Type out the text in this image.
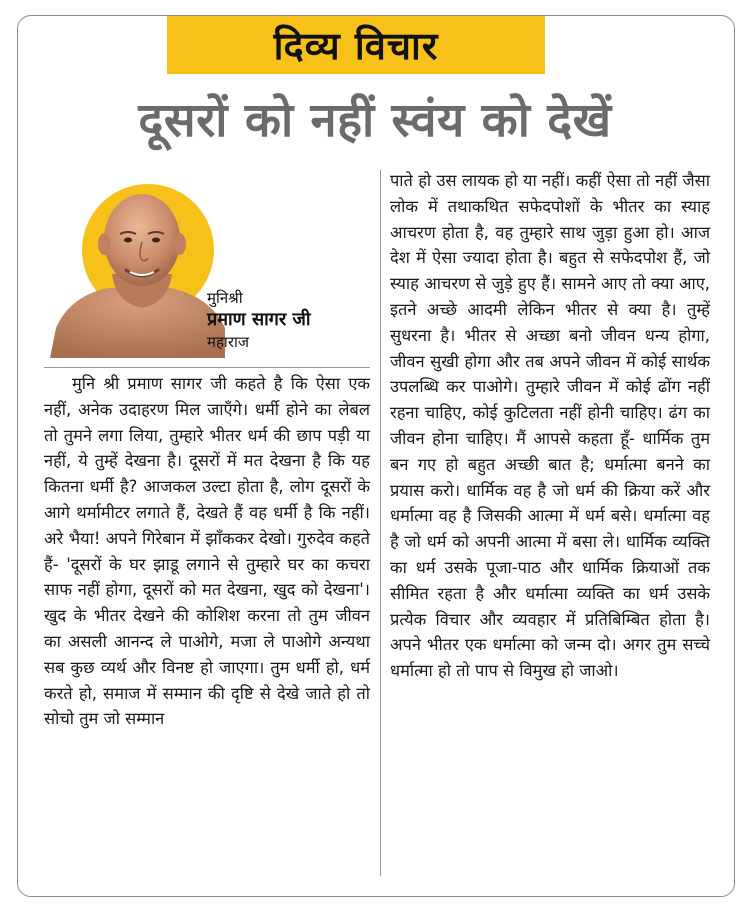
दिव्य विचार
दूसरों को नहीं स्वंय को देखें
मुनिश्री
प्रमाण सागर जी
महाराज
मुनि श्री प्रमाण सागर जी कहते है कि ऐसा एक नहीं, अनेक उदाहरण मिल जाएँगे। धर्मी होने का लेबल तो तुमने लगा लिया, तुम्हारे भीतर धर्म की छाप पड़ी या नहीं, ये तुम्हें देखना है। दूसरों में मत देखना है कि यह कितना धर्मी है? आजकल उल्टा होता है, लोग दूसरों के आगे थर्मामीटर लगाते हैं, देखते हैं वह धर्मी है कि नहीं। अरे भैया! अपने गिरेबान में झाँककर देखो। गुरुदेव कहते हैं- 'दूसरों के घर झाडू लगाने से तुम्हारे घर का कचरा साफ नहीं होगा, दूसरों को मत देखना, खुद को देखना'। खुद के भीतर देखने की कोशिश करना तो तुम जीवन का असली आनन्द ले पाओगे, मजा ले पाओगे अन्यथा सब कुछ व्यर्थ और विनष्ट हो जाएगा। तुम धर्मी हो, धर्म करते हो, समाज में सम्मान की दृष्टि से देखे जाते हो तो सोचो तुम जो सम्मान
पाते हो उस लायक हो या नहीं। कहीं ऐसा तो नहीं जैसा लोक में तथाकथित सफेदपोशों के भीतर का स्याह आचरण होता है, वह तुम्हारे साथ जुड़ा हुआ हो। आज देश में ऐसा ज्यादा होता है। बहुत से सफेदपोश हैं, जो स्याह आचरण से जुड़े हुए हैं। सामने आए तो क्या आए, इतने अच्छे आदमी लेकिन भीतर से क्या है। तुम्हें सुधरना है। भीतर से अच्छा बनो जीवन धन्य होगा, जीवन सुखी होगा और तब अपने जीवन में कोई सार्थक उपलब्धि कर पाओगे। तुम्हारे जीवन में कोई ढोंग नहीं रहना चाहिए, कोई कुटिलता नहीं होनी चाहिए। ढंग का जीवन होना चाहिए। मैं आपसे कहता हूँ- धार्मिक तुम बन गए हो बहुत अच्छी बात है; धर्मात्मा बनने का प्रयास करो। धार्मिक वह है जो धर्म की क्रिया करें और धर्मात्मा वह है जिसकी आत्मा में धर्म बसे। धर्मात्मा वह है जो धर्म को अपनी आत्मा में बसा ले। धार्मिक व्यक्ति का धर्म उसके पूजा-पाठ और धार्मिक क्रियाओं तक सीमित रहता है और धर्मात्मा व्यक्ति का धर्म उसके प्रत्येक विचार और व्यवहार में प्रतिबिम्बित होता है। अपने भीतर एक धर्मात्मा को जन्म दो। अगर तुम सच्चे धर्मात्मा हो तो पाप से विमुख हो जाओ।
